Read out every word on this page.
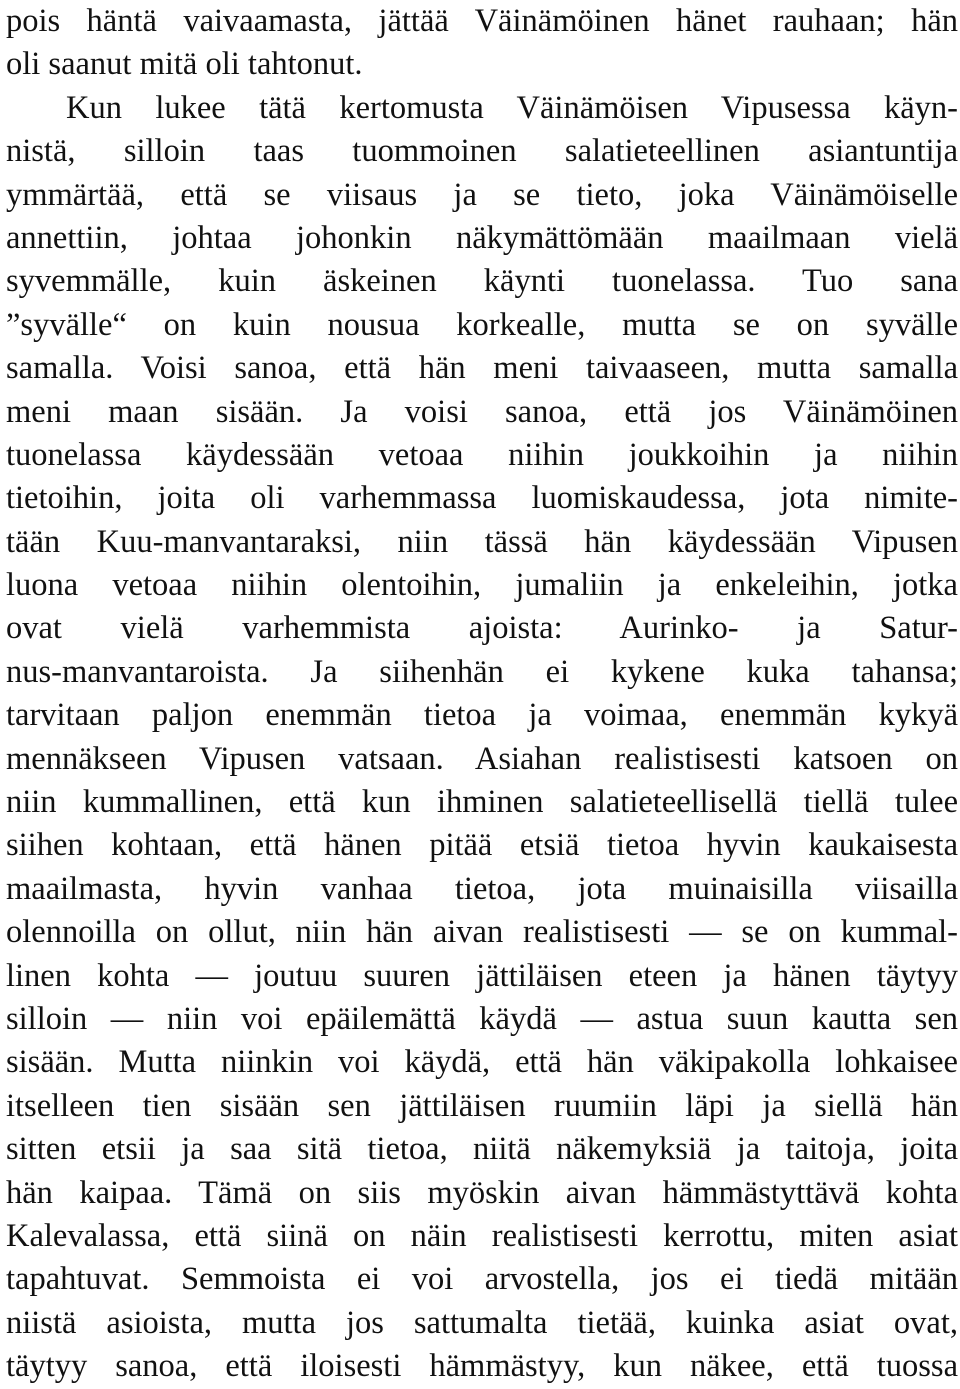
pois häntä vaivaamasta, jättää Väinämöinen hänet rauhaan; hän
oli saanut mitä oli tahtonut.
Kun lukee tätä kertomusta Väinämöisen Vipusessa käyn-
nistä, silloin taas tuommoinen salatieteellinen asiantuntija
ymmärtää, että se viisaus ja se tieto, joka Väinämöiselle
annettiin, johtaa johonkin näkymättömään maailmaan vielä
syvemmälle, kuin äskeinen käynti tuonelassa. Tuo sana
”syvälle“ on kuin nousua korkealle, mutta se on syvälle
samalla. Voisi sanoa, että hän meni taivaaseen, mutta samalla
meni maan sisään. Ja voisi sanoa, että jos Väinämöinen
tuonelassa käydessään vetoaa niihin joukkoihin ja niihin
tietoihin, joita oli varhemmassa luomiskaudessa, jota nimite-
tään Kuu-manvantaraksi, niin tässä hän käydessään Vipusen
luona vetoaa niihin olentoihin, jumaliin ja enkeleihin, jotka
ovat vielä varhemmista ajoista: Aurinko- ja Satur-
nus-manvantaroista. Ja siihenhän ei kykene kuka tahansa;
tarvitaan paljon enemmän tietoa ja voimaa, enemmän kykyä
mennäkseen Vipusen vatsaan. Asiahan realistisesti katsoen on
niin kummallinen, että kun ihminen salatieteellisellä tiellä tulee
siihen kohtaan, että hänen pitää etsiä tietoa hyvin kaukaisesta
maailmasta, hyvin vanhaa tietoa, jota muinaisilla viisailla
olennoilla on ollut, niin hän aivan realistisesti — se on kummal-
linen kohta — joutuu suuren jättiläisen eteen ja hänen täytyy
silloin — niin voi epäilemättä käydä — astua suun kautta sen
sisään. Mutta niinkin voi käydä, että hän väkipakolla lohkaisee
itselleen tien sisään sen jättiläisen ruumiin läpi ja siellä hän
sitten etsii ja saa sitä tietoa, niitä näkemyksiä ja taitoja, joita
hän kaipaa. Tämä on siis myöskin aivan hämmästyttävä kohta
Kalevalassa, että siinä on näin realistisesti kerrottu, miten asiat
tapahtuvat. Semmoista ei voi arvostella, jos ei tiedä mitään
niistä asioista, mutta jos sattumalta tietää, kuinka asiat ovat,
täytyy sanoa, että iloisesti hämmästyy, kun näkee, että tuossa
